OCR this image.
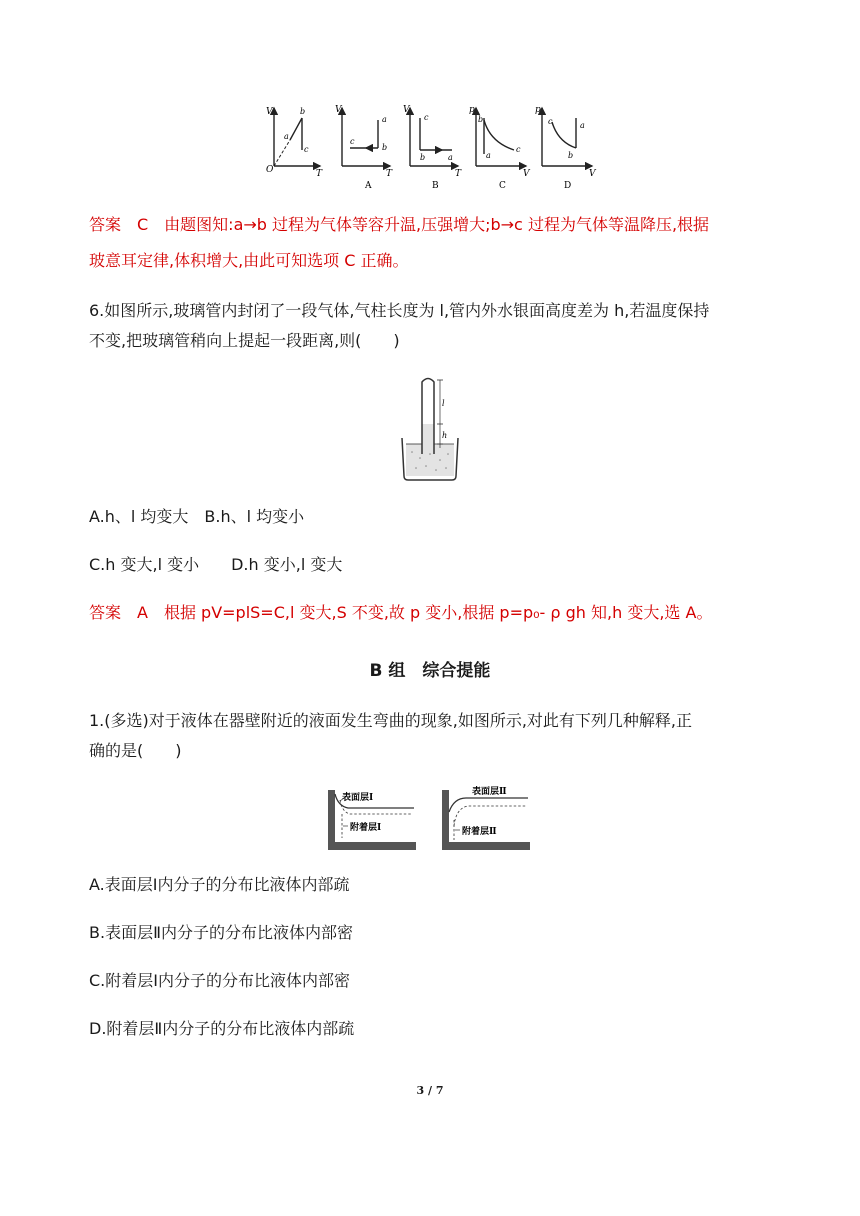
V
O	T
a
b
c
V
T
a
b
c
A
V
T
c
b	a
B
p
V
b
a
c
C
p
V
c	a
b
D
答案　C　由题图知:a→b 过程为气体等容升温,压强增大;b→c 过程为气体等温降压,根据
玻意耳定律,体积增大,由此可知选项 C 正确。
6.如图所示,玻璃管内封闭了一段气体,气柱长度为 l,管内外水银面高度差为 h,若温度保持
不变,把玻璃管稍向上提起一段距离,则(　　)
l
h
A.h、l 均变大　B.h、l 均变小
C.h 变大,l 变小　　D.h 变小,l 变大
答案　A　根据 pV=plS=C,l 变大,S 不变,故 p 变小,根据 p=p₀- ρ gh 知,h 变大,选 A。
B 组　综合提能
1.(多选)对于液体在器壁附近的液面发生弯曲的现象,如图所示,对此有下列几种解释,正
确的是(　　)
表面层Ⅰ
附着层Ⅰ
表面层Ⅱ
附着层Ⅱ
A.表面层Ⅰ内分子的分布比液体内部疏
B.表面层Ⅱ内分子的分布比液体内部密
C.附着层Ⅰ内分子的分布比液体内部密
D.附着层Ⅱ内分子的分布比液体内部疏
3 / 7
